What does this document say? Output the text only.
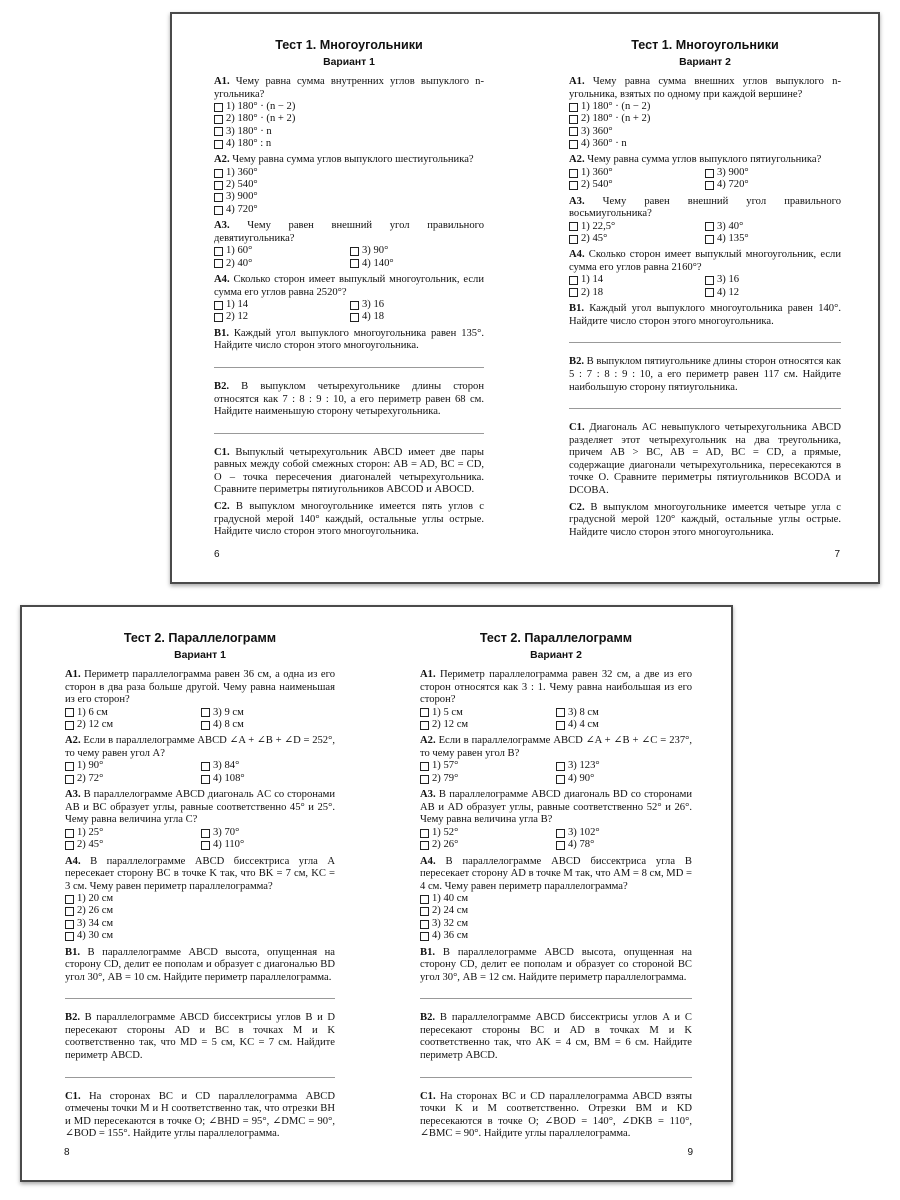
Тест 1. Многоугольники
Вариант 1
А1. Чему равна сумма внутренних углов выпуклого n-угольника?
1) 180° · (n − 2)
2) 180° · (n + 2)
3) 180° · n
4) 180° : n
А2. Чему равна сумма углов выпуклого шестиугольника?
1) 360°
2) 540°
3) 900°
4) 720°
А3. Чему равен внешний угол правильного девятиугольника?
1) 60°	3) 90°
2) 40°	4) 140°
А4. Сколько сторон имеет выпуклый многоугольник, если сумма его углов равна 2520°?
1) 14	3) 16
2) 12	4) 18
В1. Каждый угол выпуклого многоугольника равен 135°. Найдите число сторон этого многоугольника.
В2. В выпуклом четырехугольнике длины сторон относятся как 7 : 8 : 9 : 10, а его периметр равен 68 см. Найдите наименьшую сторону четырехугольника.
С1. Выпуклый четырехугольник ABCD имеет две пары равных между собой смежных сторон: AB = AD, BC = CD, O – точка пересечения диагоналей четырехугольника. Сравните периметры пятиугольников ABCOD и ABOCD.
С2. В выпуклом многоугольнике имеется пять углов с градусной мерой 140° каждый, остальные углы острые. Найдите число сторон этого многоугольника.
6
Тест 1. Многоугольники
Вариант 2
А1. Чему равна сумма внешних углов выпуклого n-угольника, взятых по одному при каждой вершине?
1) 180° · (n − 2)
2) 180° · (n + 2)
3) 360°
4) 360° · n
А2. Чему равна сумма углов выпуклого пятиугольника?
1) 360°	3) 900°
2) 540°	4) 720°
А3. Чему равен внешний угол правильного восьмиугольника?
1) 22,5°	3) 40°
2) 45°	4) 135°
А4. Сколько сторон имеет выпуклый многоугольник, если сумма его углов равна 2160°?
1) 14	3) 16
2) 18	4) 12
В1. Каждый угол выпуклого многоугольника равен 140°. Найдите число сторон этого многоугольника.
В2. В выпуклом пятиугольнике длины сторон относятся как 5 : 7 : 8 : 9 : 10, а его периметр равен 117 см. Найдите наибольшую сторону пятиугольника.
С1. Диагональ AC невыпуклого четырехугольника ABCD разделяет этот четырехугольник на два треугольника, причем AB > BC, AB = AD, BC = CD, а прямые, содержащие диагонали четырехугольника, пересекаются в точке O. Сравните периметры пятиугольников BCODA и DCOBA.
С2. В выпуклом многоугольнике имеется четыре угла с градусной мерой 120° каждый, остальные углы острые. Найдите число сторон этого многоугольника.
7
Тест 2. Параллелограмм
Вариант 1
А1. Периметр параллелограмма равен 36 см, а одна из его сторон в два раза больше другой. Чему равна наименьшая из его сторон?
1) 6 см	3) 9 см
2) 12 см	4) 8 см
А2. Если в параллелограмме ABCD ∠A + ∠B + ∠D = 252°, то чему равен угол A?
1) 90°	3) 84°
2) 72°	4) 108°
А3. В параллелограмме ABCD диагональ AC со сторонами AB и BC образует углы, равные соответственно 45° и 25°. Чему равна величина угла C?
1) 25°	3) 70°
2) 45°	4) 110°
А4. В параллелограмме ABCD биссектриса угла A пересекает сторону BC в точке K так, что BK = 7 см, KC = 3 см. Чему равен периметр параллелограмма?
1) 20 см
2) 26 см
3) 34 см
4) 30 см
В1. В параллелограмме ABCD высота, опущенная на сторону CD, делит ее пополам и образует с диагональю BD угол 30°, AB = 10 см. Найдите периметр параллелограмма.
В2. В параллелограмме ABCD биссектрисы углов B и D пересекают стороны AD и BC в точках M и K соответственно так, что MD = 5 см, KC = 7 см. Найдите периметр ABCD.
С1. На сторонах BC и CD параллелограмма ABCD отмечены точки M и H соответственно так, что отрезки BH и MD пересекаются в точке O; ∠BHD = 95°, ∠DMC = 90°, ∠BOD = 155°. Найдите углы параллелограмма.
8
Тест 2. Параллелограмм
Вариант 2
А1. Периметр параллелограмма равен 32 см, а две из его сторон относятся как 3 : 1. Чему равна наибольшая из его сторон?
1) 5 см	3) 8 см
2) 12 см	4) 4 см
А2. Если в параллелограмме ABCD ∠A + ∠B + ∠C = 237°, то чему равен угол B?
1) 57°	3) 123°
2) 79°	4) 90°
А3. В параллелограмме ABCD диагональ BD со сторонами AB и AD образует углы, равные соответственно 52° и 26°. Чему равна величина угла B?
1) 52°	3) 102°
2) 26°	4) 78°
А4. В параллелограмме ABCD биссектриса угла B пересекает сторону AD в точке M так, что AM = 8 см, MD = 4 см. Чему равен периметр параллелограмма?
1) 40 см
2) 24 см
3) 32 см
4) 36 см
В1. В параллелограмме ABCD высота, опущенная на сторону CD, делит ее пополам и образует со стороной BC угол 30°, AB = 12 см. Найдите периметр параллелограмма.
В2. В параллелограмме ABCD биссектрисы углов A и C пересекают стороны BC и AD в точках M и K соответственно так, что AK = 4 см, BM = 6 см. Найдите периметр ABCD.
С1. На сторонах BC и CD параллелограмма ABCD взяты точки K и M соответственно. Отрезки BM и KD пересекаются в точке O; ∠BOD = 140°, ∠DKB = 110°, ∠BMC = 90°. Найдите углы параллелограмма.
9
